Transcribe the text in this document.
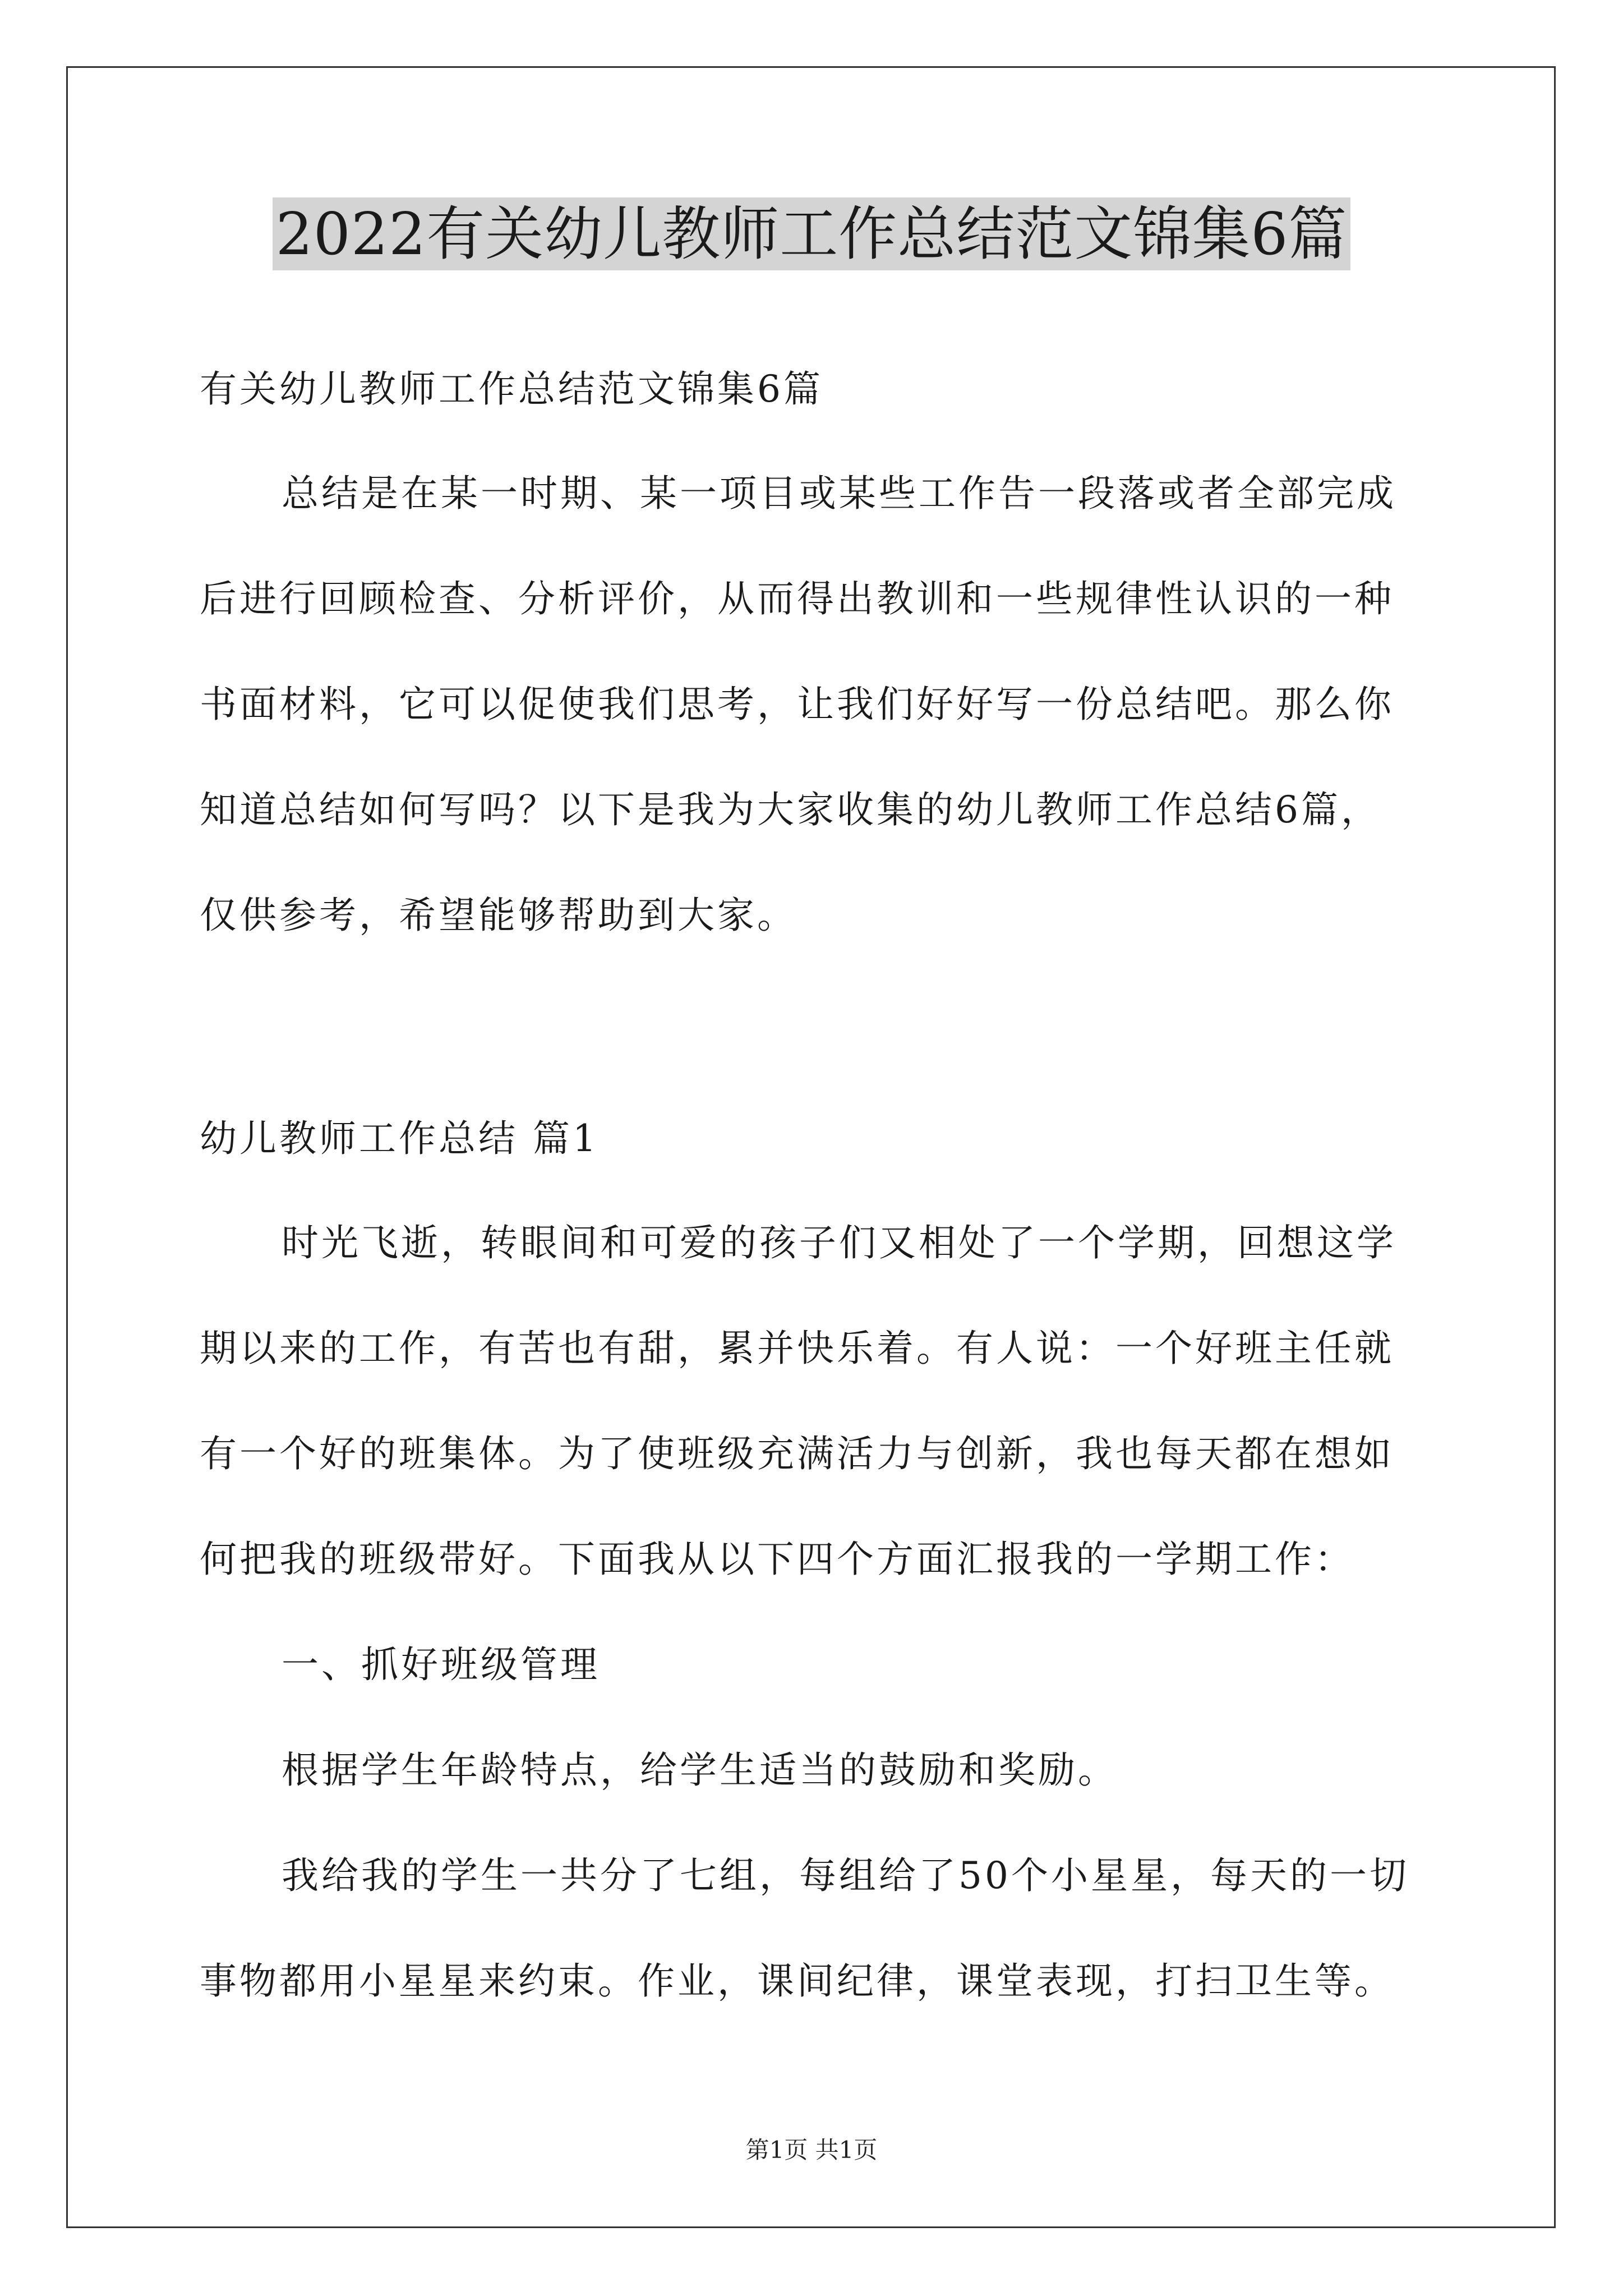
2022有关幼儿教师工作总结范文锦集6篇

有关幼儿教师工作总结范文锦集6篇

总结是在某一时期、某一项目或某些工作告一段落或者全部完成

后进行回顾检查、分析评价，从而得出教训和一些规律性认识的一种

书面材料，它可以促使我们思考，让我们好好写一份总结吧。那么你

知道总结如何写吗？以下是我为大家收集的幼儿教师工作总结6篇，

仅供参考，希望能够帮助到大家。

幼儿教师工作总结 篇1

时光飞逝，转眼间和可爱的孩子们又相处了一个学期，回想这学

期以来的工作，有苦也有甜，累并快乐着。有人说：一个好班主任就

有一个好的班集体。为了使班级充满活力与创新，我也每天都在想如

何把我的班级带好。下面我从以下四个方面汇报我的一学期工作：

一、抓好班级管理

根据学生年龄特点，给学生适当的鼓励和奖励。

我给我的学生一共分了七组，每组给了50个小星星，每天的一切

事物都用小星星来约束。作业，课间纪律，课堂表现，打扫卫生等。

第1页 共1页
